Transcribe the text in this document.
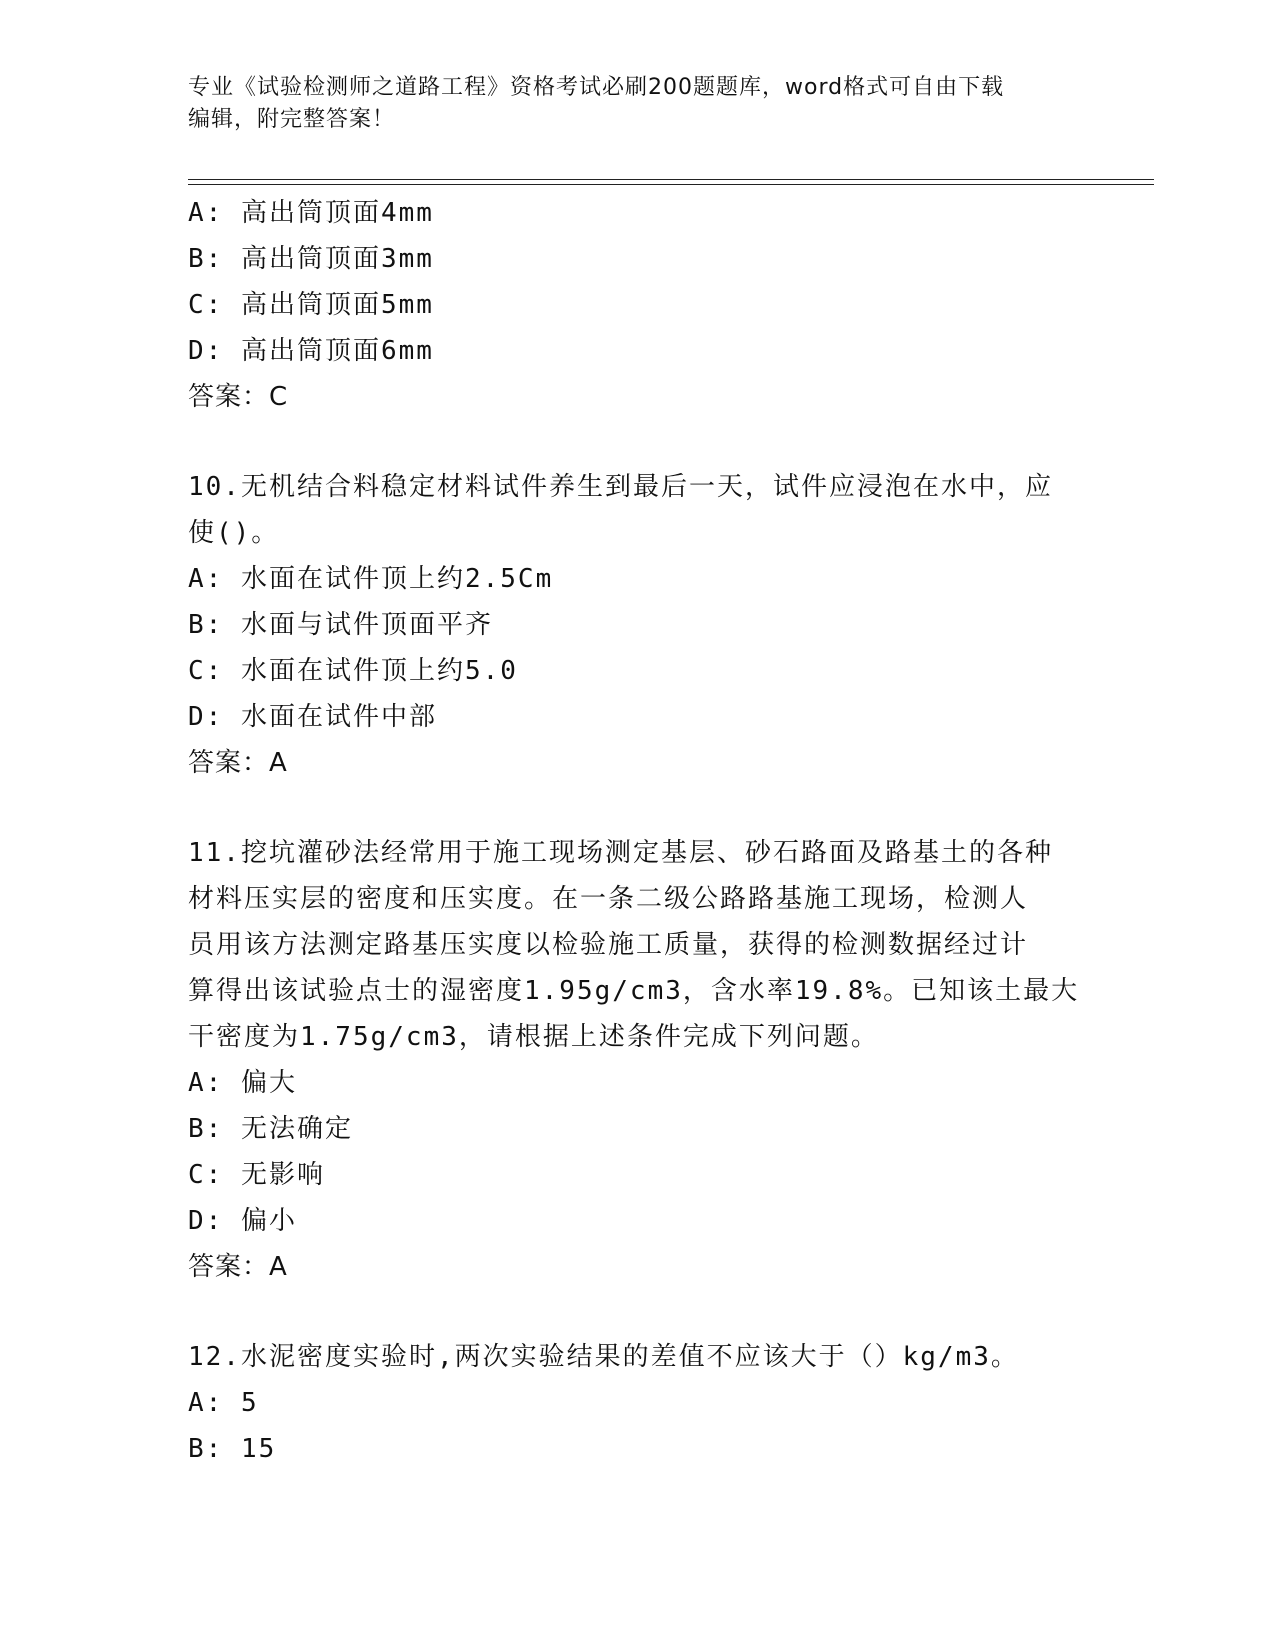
专业《试验检测师之道路工程》资格考试必刷200题题库，word格式可自由下载
编辑，附完整答案！
A: 高出筒顶面4mm
B: 高出筒顶面3mm
C: 高出筒顶面5mm
D: 高出筒顶面6mm
答案：C
10.无机结合料稳定材料试件养生到最后一天，试件应浸泡在水中，应
使()。
A: 水面在试件顶上约2.5Cm
B: 水面与试件顶面平齐
C: 水面在试件顶上约5.0
D: 水面在试件中部
答案：A
11.挖坑灌砂法经常用于施工现场测定基层、砂石路面及路基土的各种
材料压实层的密度和压实度。在一条二级公路路基施工现场，检测人
员用该方法测定路基压实度以检验施工质量，获得的检测数据经过计
算得出该试验点士的湿密度1.95g/cm3，含水率19.8%。已知该土最大
干密度为1.75g/cm3，请根据上述条件完成下列问题。
A: 偏大
B: 无法确定
C: 无影响
D: 偏小
答案：A
12.水泥密度实验时,两次实验结果的差值不应该大于（）kg/m3。
A: 5
B: 15
